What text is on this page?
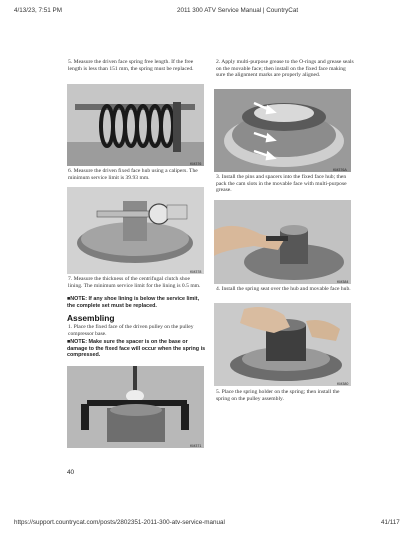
4/13/23, 7:51 PM	2011 300 ATV Service Manual | CountryCat
5. Measure the driven face spring free length. If the free length is less than 151 mm, the spring must be replaced.
KM376
6. Measure the driven fixed face hub using a calipers. The minimum service limit is 39.93 mm.
KM378
7. Measure the thickness of the centrifugal clutch shoe lining. The minimum service limit for the lining is 0.5 mm.
■NOTE: If any shoe lining is below the service limit, the complete set must be replaced.
Assembling
1. Place the fixed face of the driven pulley on the pulley compressor base.
■NOTE: Make sure the spacer is on the base or damage to the fixed face will occur when the spring is compressed.
KM371
40
2. Apply multi-purpose grease to the O-rings and grease seals on the movable face; then install on the fixed face making sure the alignment marks are properly aligned.
KM376A
3. Install the pins and spacers into the fixed face hub; then pack the cam slots in the movable face with multi-purpose grease.
KM384
4. Install the spring seat over the hub and movable face hub.
KM380
5. Place the spring holder on the spring; then install the spring on the pulley assembly.
https://support.countrycat.com/posts/2802351-2011-300-atv-service-manual	41/117
